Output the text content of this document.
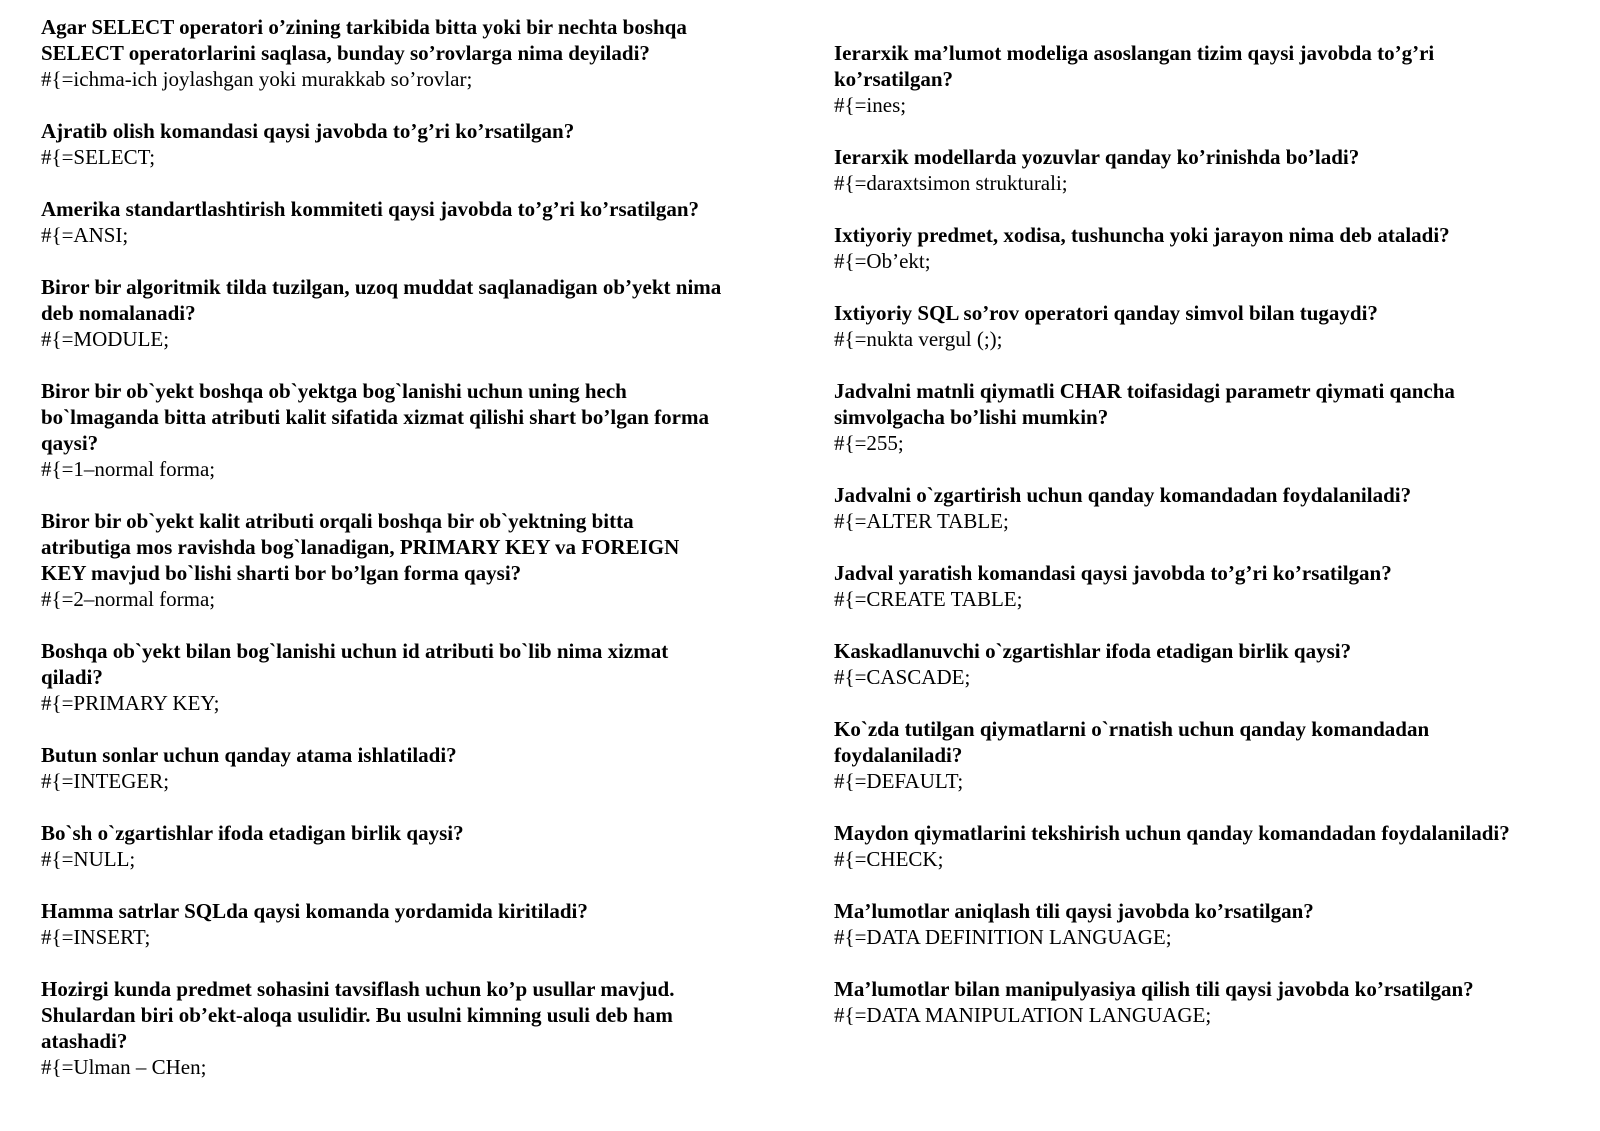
Agar SELECT operatori o’zining tarkibida bitta yoki bir nechta boshqa
SELECT operatorlarini saqlasa, bunday so’rovlarga nima deyiladi?
#{=ichma-ich joylashgan yoki murakkab so’rovlar;
Ajratib olish komandasi qaysi javobda to’g’ri ko’rsatilgan?
#{=SELECT;
Amerika standartlashtirish kommiteti qaysi javobda to’g’ri ko’rsatilgan?
#{=ANSI;
Biror bir algoritmik tilda tuzilgan, uzoq muddat saqlanadigan ob’yekt nima
deb nomalanadi?
#{=MODULE;
Biror bir ob`yekt boshqa ob`yektga bog`lanishi uchun uning hech
bo`lmaganda bitta atributi kalit sifatida xizmat qilishi shart bo’lgan forma
qaysi?
#{=1–normal forma;
Biror bir ob`yekt kalit atributi orqali boshqa bir ob`yektning bitta
atributiga mos ravishda bog`lanadigan, PRIMARY KEY va FOREIGN
KEY mavjud bo`lishi sharti bor bo’lgan forma qaysi?
#{=2–normal forma;
Boshqa ob`yekt bilan bog`lanishi uchun id atributi bo`lib nima xizmat
qiladi?
#{=PRIMARY KEY;
Butun sonlar uchun qanday atama ishlatiladi?
#{=INTEGER;
Bo`sh o`zgartishlar ifoda etadigan birlik qaysi?
#{=NULL;
Hamma satrlar SQLda qaysi komanda yordamida kiritiladi?
#{=INSERT;
Hozirgi kunda predmet sohasini tavsiflash uchun ko’p usullar mavjud.
Shulardan biri ob’ekt-aloqa usulidir. Bu usulni kimning usuli deb ham
atashadi?
#{=Ulman – CHen;
Ierarxik ma’lumot modeliga asoslangan tizim qaysi javobda to’g’ri
ko’rsatilgan?
#{=ines;
Ierarxik modellarda yozuvlar qanday ko’rinishda bo’ladi?
#{=daraxtsimon strukturali;
Ixtiyoriy predmet, xodisa, tushuncha yoki jarayon nima deb ataladi?
#{=Ob’ekt;
Ixtiyoriy SQL so’rov operatori qanday simvol bilan tugaydi?
#{=nukta vergul (;);
Jadvalni matnli qiymatli CHAR toifasidagi parametr qiymati qancha
simvolgacha bo’lishi mumkin?
#{=255;
Jadvalni o`zgartirish uchun qanday komandadan foydalaniladi?
#{=ALTER TABLE;
Jadval yaratish komandasi qaysi javobda to’g’ri ko’rsatilgan?
#{=CREATE TABLE;
Kaskadlanuvchi o`zgartishlar ifoda etadigan birlik qaysi?
#{=CASCADE;
Ko`zda tutilgan qiymatlarni o`rnatish uchun qanday komandadan
foydalaniladi?
#{=DEFAULT;
Maydon qiymatlarini tekshirish uchun qanday komandadan foydalaniladi?
#{=CHECK;
Ma’lumotlar aniqlash tili qaysi javobda ko’rsatilgan?
#{=DATA DEFINITION LANGUAGE;
Ma’lumotlar bilan manipulyasiya qilish tili qaysi javobda ko’rsatilgan?
#{=DATA MANIPULATION LANGUAGE;
